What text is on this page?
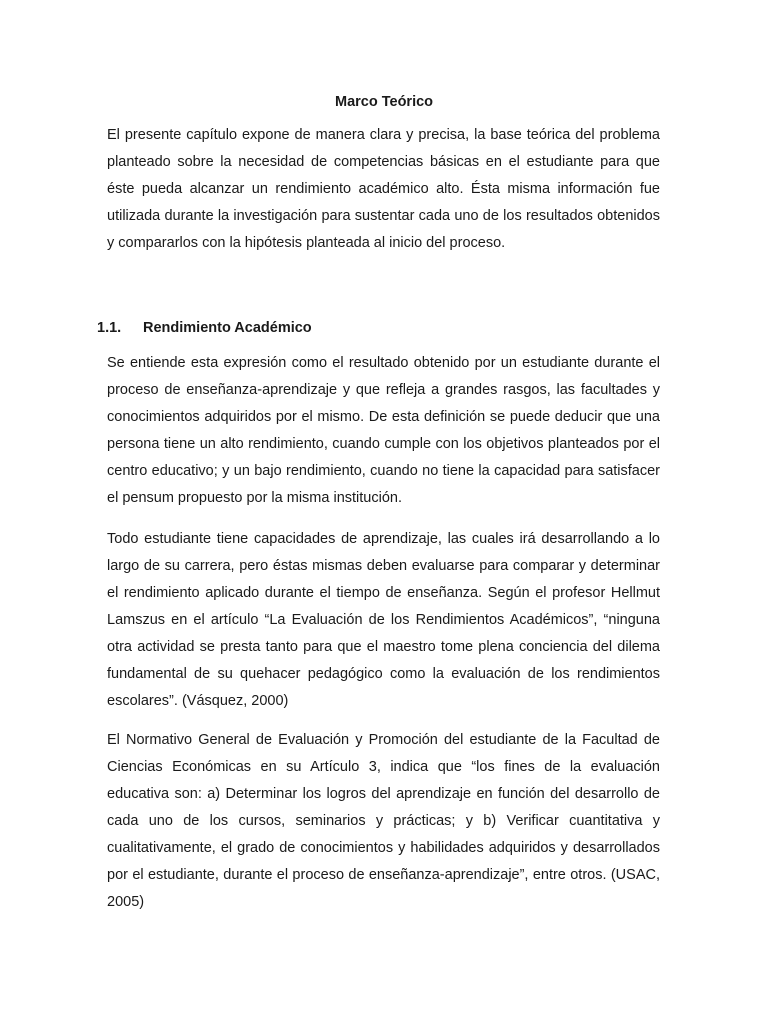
Marco Teórico

El presente capítulo expone de manera clara y precisa, la base teórica del problema planteado sobre la necesidad de competencias básicas en el estudiante para que éste pueda alcanzar un rendimiento académico alto. Ésta misma información fue utilizada durante la investigación para sustentar cada uno de los resultados obtenidos y compararlos con la hipótesis planteada al inicio del proceso.

1.1. Rendimiento Académico

Se entiende esta expresión como el resultado obtenido por un estudiante durante el proceso de enseñanza-aprendizaje y que refleja a grandes rasgos, las facultades y conocimientos adquiridos por el mismo. De esta definición se puede deducir que una persona tiene un alto rendimiento, cuando cumple con los objetivos planteados por el centro educativo; y un bajo rendimiento, cuando no tiene la capacidad para satisfacer el pensum propuesto por la misma institución.

Todo estudiante tiene capacidades de aprendizaje, las cuales irá desarrollando a lo largo de su carrera, pero éstas mismas deben evaluarse para comparar y determinar el rendimiento aplicado durante el tiempo de enseñanza. Según el profesor Hellmut Lamszus en el artículo “La Evaluación de los Rendimientos Académicos”, “ninguna otra actividad se presta tanto para que el maestro tome plena conciencia del dilema fundamental de su quehacer pedagógico como la evaluación de los rendimientos escolares”. (Vásquez, 2000)

El Normativo General de Evaluación y Promoción del estudiante de la Facultad de Ciencias Económicas en su Artículo 3, indica que “los fines de la evaluación educativa son: a) Determinar los logros del aprendizaje en función del desarrollo de cada uno de los cursos, seminarios y prácticas; y b) Verificar cuantitativa y cualitativamente, el grado de conocimientos y habilidades adquiridos y desarrollados por el estudiante, durante el proceso de enseñanza-aprendizaje”, entre otros. (USAC, 2005)
